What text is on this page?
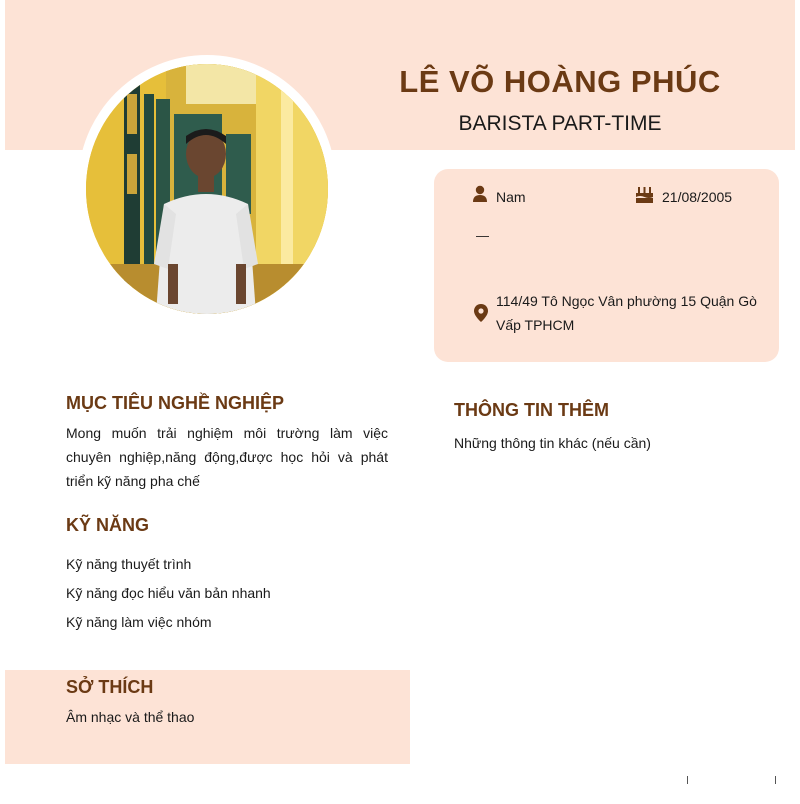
LÊ VÕ HOÀNG PHÚC
BARISTA PART-TIME
Nam	21/08/2005
—
114/49 Tô Ngọc Vân phường 15 Quận Gò Vấp TPHCM
MỤC TIÊU NGHỀ NGHIỆP
Mong muốn trải nghiệm môi trường làm việc chuyên nghiệp,năng động,được học hỏi và phát triển kỹ năng pha chế
KỸ NĂNG
Kỹ năng thuyết trình
Kỹ năng đọc hiểu văn bản nhanh
Kỹ năng làm việc nhóm
SỞ THÍCH
Âm nhạc và thể thao
THÔNG TIN THÊM
Những thông tin khác (nếu cần)
